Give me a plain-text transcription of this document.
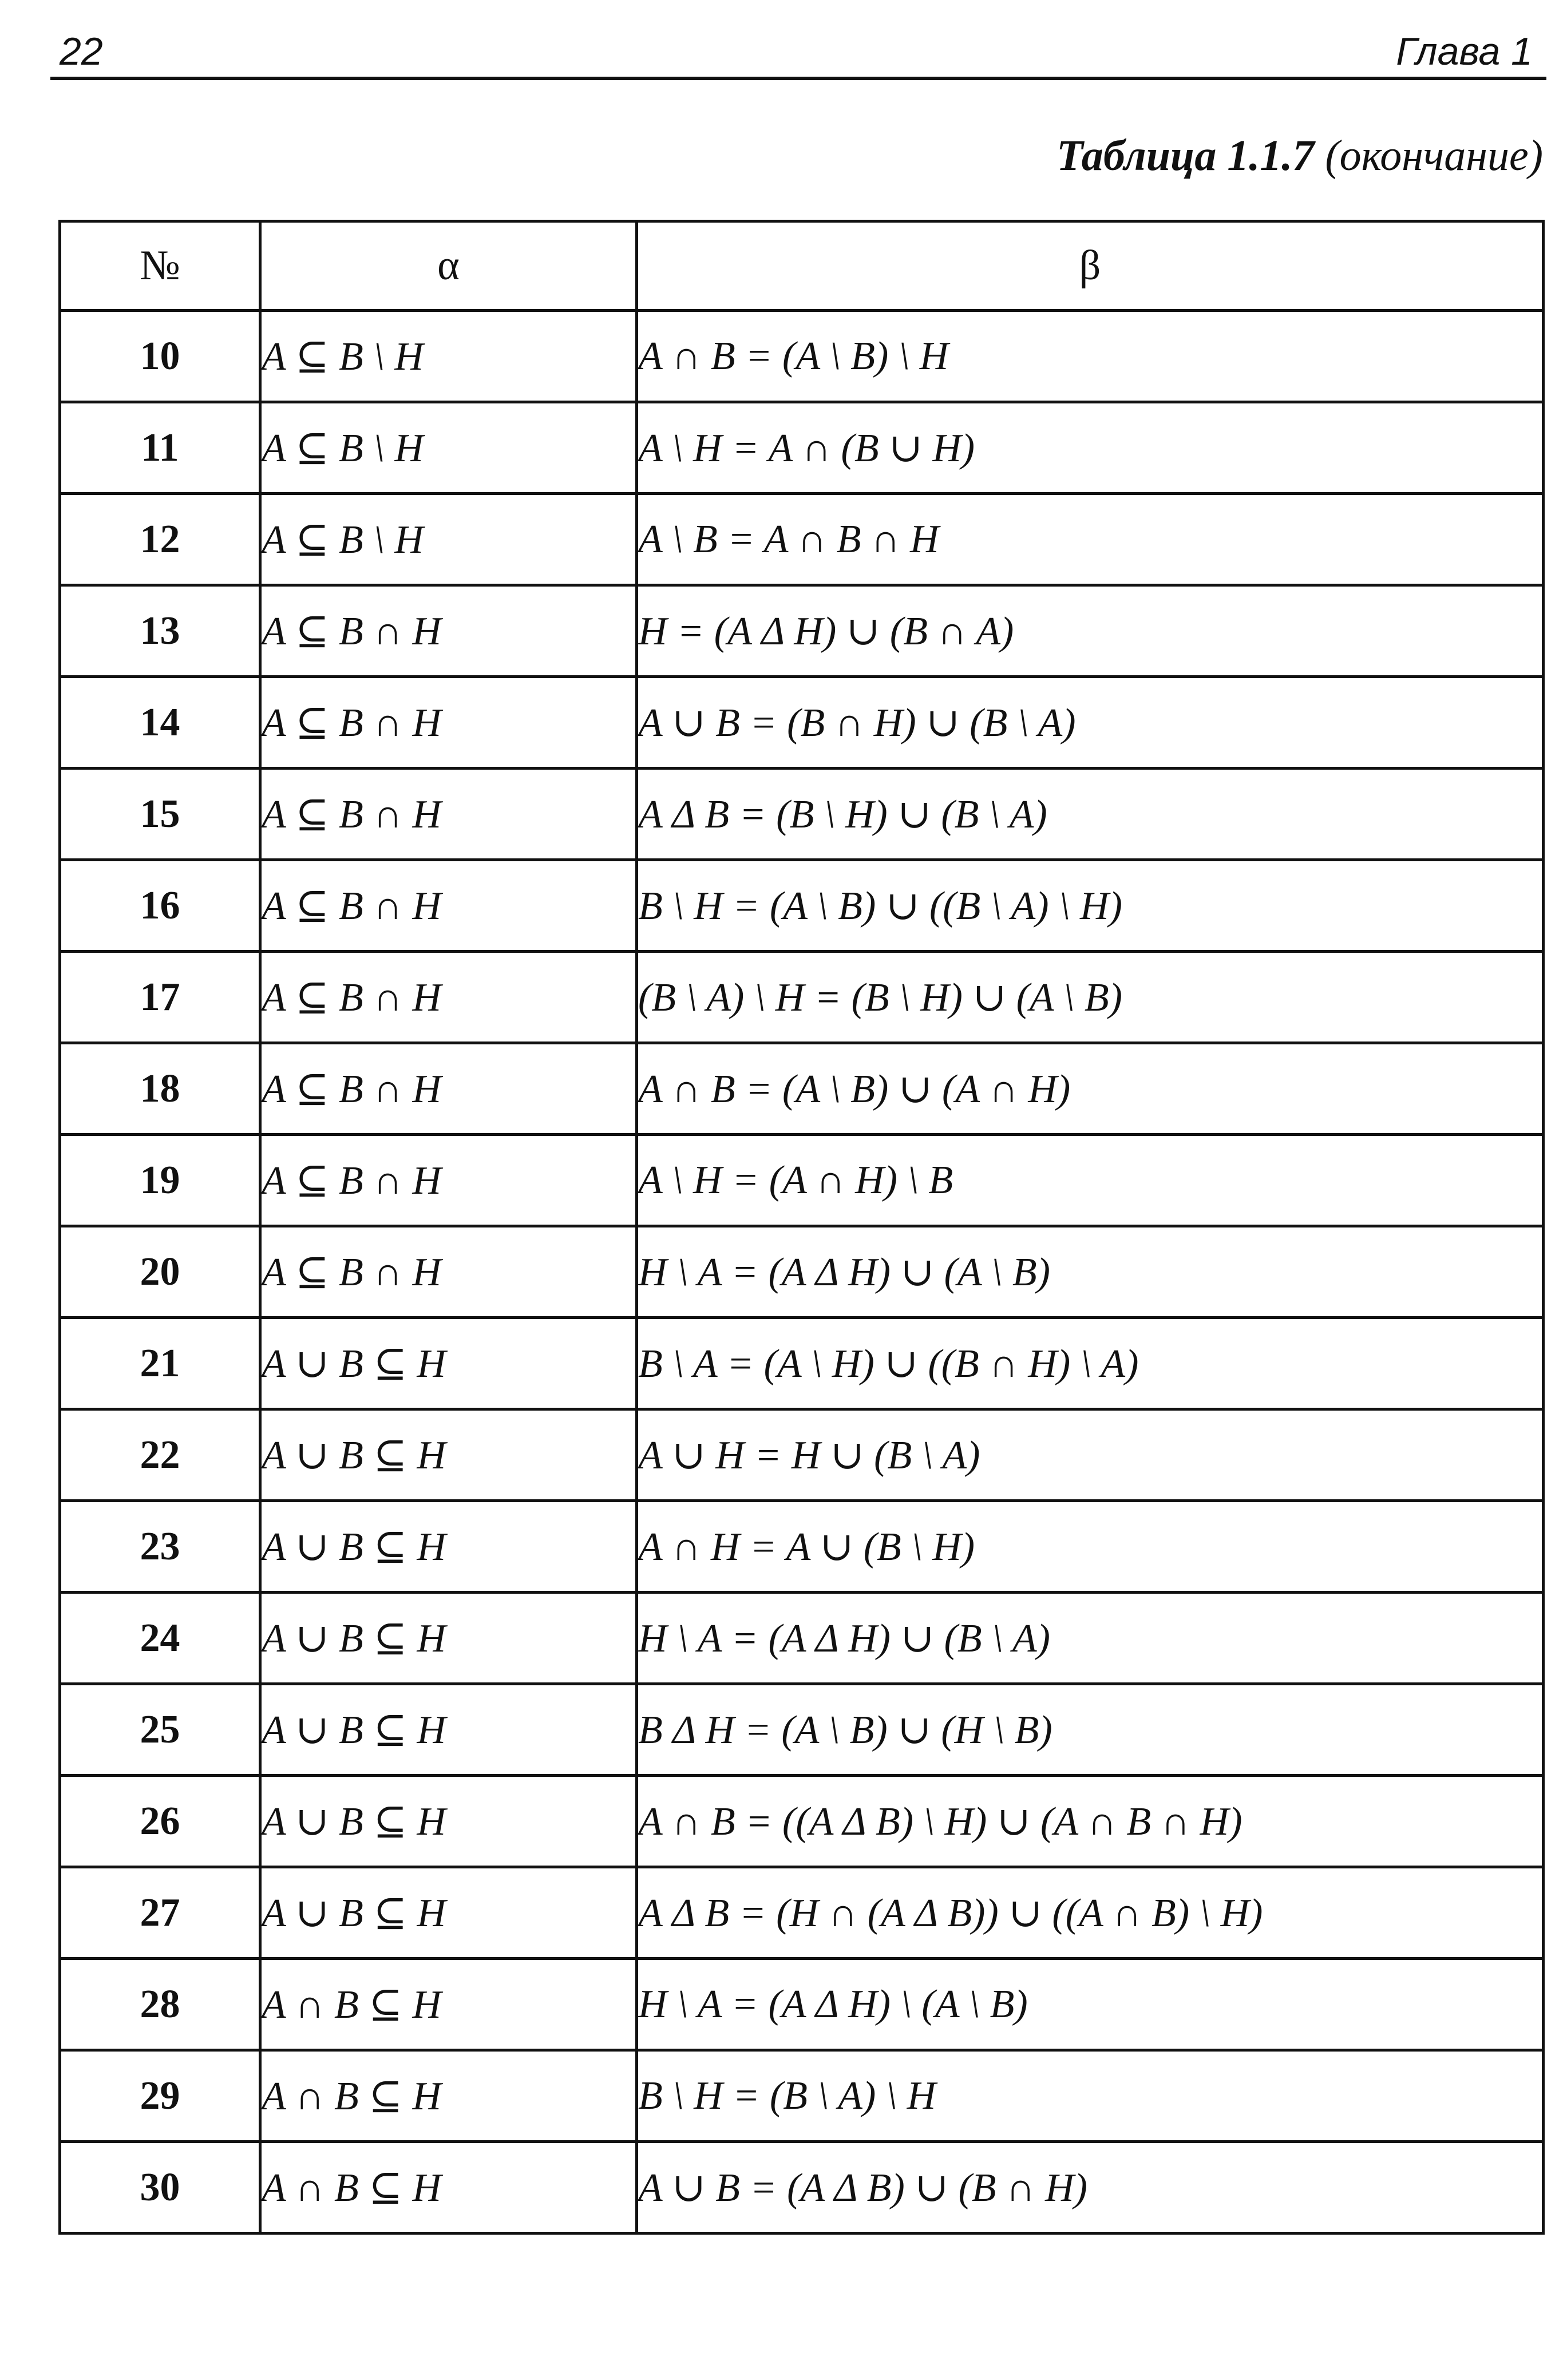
22	Глава 1
Таблица 1.1.7 (окончание)
№	α	β
10	A ⊆ B \ H	A ∩ B = (A \ B) \ H
11	A ⊆ B \ H	A \ H = A ∩ (B ∪ H)
12	A ⊆ B \ H	A \ B = A ∩ B ∩ H
13	A ⊆ B ∩ H	H = (A Δ H) ∪ (B ∩ A)
14	A ⊆ B ∩ H	A ∪ B = (B ∩ H) ∪ (B \ A)
15	A ⊆ B ∩ H	A Δ B = (B \ H) ∪ (B \ A)
16	A ⊆ B ∩ H	B \ H = (A \ B) ∪ ((B \ A) \ H)
17	A ⊆ B ∩ H	(B \ A) \ H = (B \ H) ∪ (A \ B)
18	A ⊆ B ∩ H	A ∩ B = (A \ B) ∪ (A ∩ H)
19	A ⊆ B ∩ H	A \ H = (A ∩ H) \ B
20	A ⊆ B ∩ H	H \ A = (A Δ H) ∪ (A \ B)
21	A ∪ B ⊆ H	B \ A = (A \ H) ∪ ((B ∩ H) \ A)
22	A ∪ B ⊆ H	A ∪ H = H ∪ (B \ A)
23	A ∪ B ⊆ H	A ∩ H = A ∪ (B \ H)
24	A ∪ B ⊆ H	H \ A = (A Δ H) ∪ (B \ A)
25	A ∪ B ⊆ H	B Δ H = (A \ B) ∪ (H \ B)
26	A ∪ B ⊆ H	A ∩ B = ((A Δ B) \ H) ∪ (A ∩ B ∩ H)
27	A ∪ B ⊆ H	A Δ B = (H ∩ (A Δ B)) ∪ ((A ∩ B) \ H)
28	A ∩ B ⊆ H	H \ A = (A Δ H) \ (A \ B)
29	A ∩ B ⊆ H	B \ H = (B \ A) \ H
30	A ∩ B ⊆ H	A ∪ B = (A Δ B) ∪ (B ∩ H)
